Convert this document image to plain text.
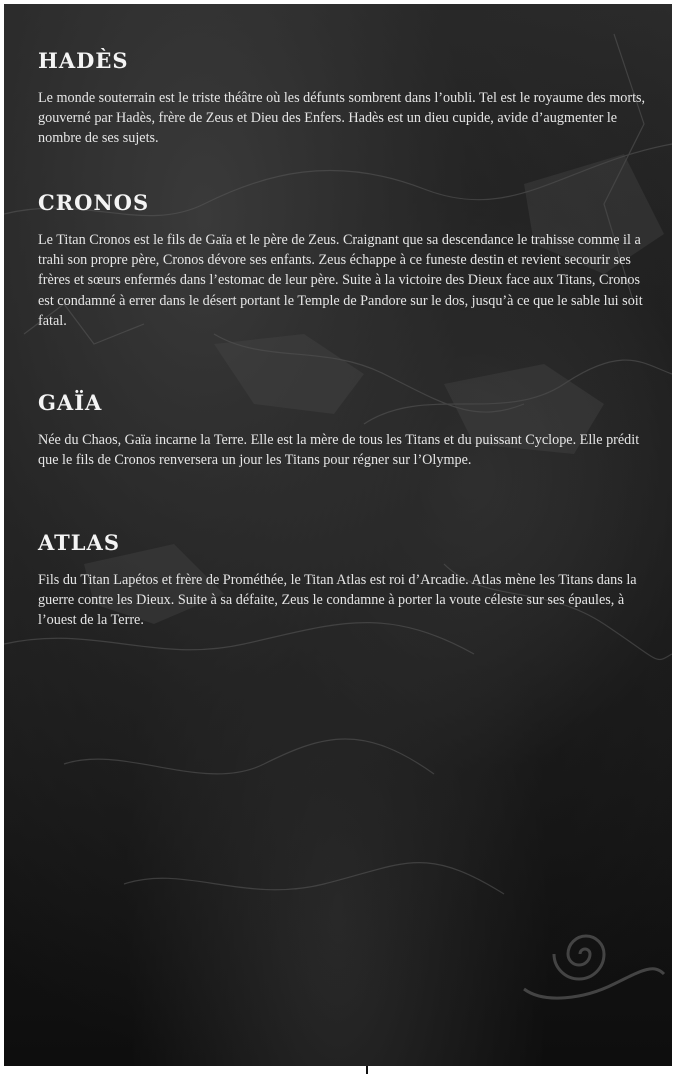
HADÈS

Le monde souterrain est le triste théâtre où les défunts sombrent dans l’oubli. Tel est le royaume des morts, gouverné par Hadès, frère de Zeus et Dieu des Enfers. Hadès est un dieu cupide, avide d’augmenter le nombre de ses sujets.

CRONOS

Le Titan Cronos est le fils de Gaïa et le père de Zeus. Craignant que sa descendance le trahisse comme il a trahi son propre père, Cronos dévore ses enfants. Zeus échappe à ce funeste destin et revient secourir ses frères et sœurs enfermés dans l’estomac de leur père. Suite à la victoire des Dieux face aux Titans, Cronos est condamné à errer dans le désert portant le Temple de Pandore sur le dos, jusqu’à ce que le sable lui soit fatal.

GAÏA

Née du Chaos, Gaïa incarne la Terre. Elle est la mère de tous les Titans et du puissant Cyclope. Elle prédit que le fils de Cronos renversera un jour les Titans pour régner sur l’Olympe.

ATLAS

Fils du Titan Lapétos et frère de Prométhée, le Titan Atlas est roi d’Arcadie. Atlas mène les Titans dans la guerre contre les Dieux. Suite à sa défaite, Zeus le condamne à porter la voute céleste sur ses épaules, à l’ouest de la Terre.
